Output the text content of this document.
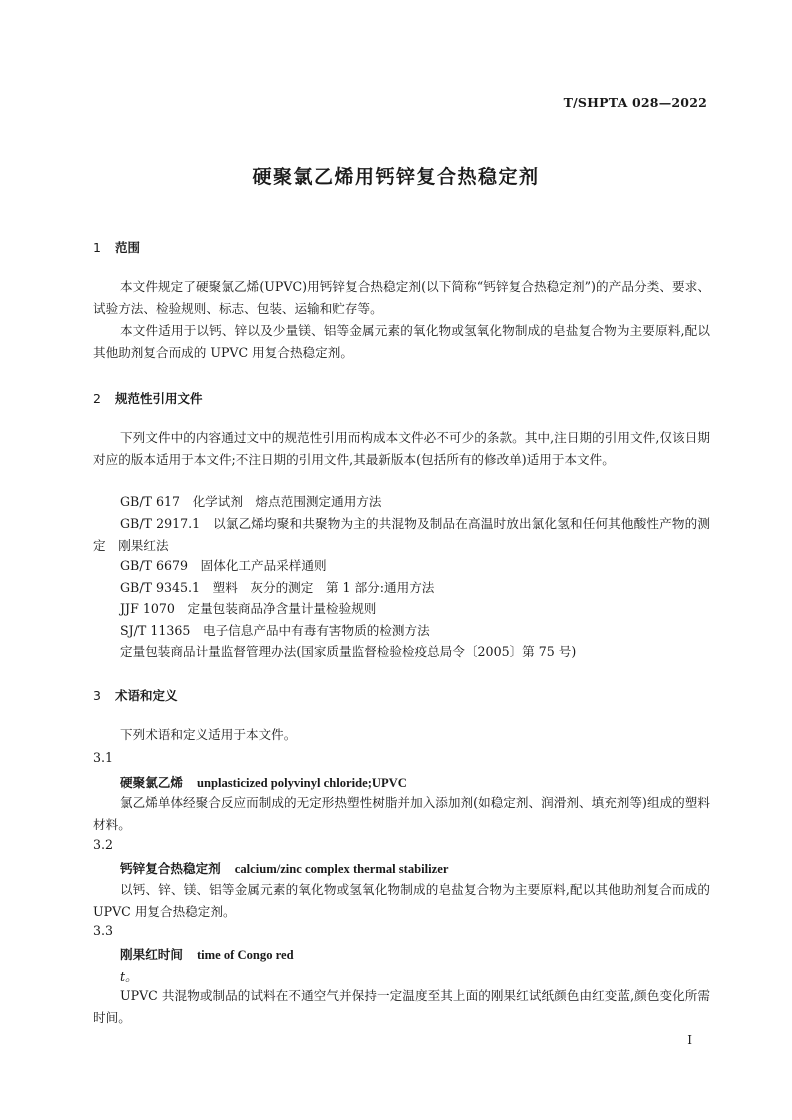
T/SHPTA 028—2022
硬聚氯乙烯用钙锌复合热稳定剂
1 范围
本文件规定了硬聚氯乙烯(UPVC)用钙锌复合热稳定剂(以下简称“钙锌复合热稳定剂”)的产品分类、要求、试验方法、检验规则、标志、包装、运输和贮存等。
本文件适用于以钙、锌以及少量镁、铝等金属元素的氧化物或氢氧化物制成的皂盐复合物为主要原料,配以其他助剂复合而成的 UPVC 用复合热稳定剂。
2 规范性引用文件
下列文件中的内容通过文中的规范性引用而构成本文件必不可少的条款。其中,注日期的引用文件,仅该日期对应的版本适用于本文件;不注日期的引用文件,其最新版本(包括所有的修改单)适用于本文件。
GB/T 617　化学试剂　熔点范围测定通用方法
GB/T 2917.1　以氯乙烯均聚和共聚物为主的共混物及制品在高温时放出氯化氢和任何其他酸性产物的测定　刚果红法
GB/T 6679　固体化工产品采样通则
GB/T 9345.1　塑料　灰分的测定　第 1 部分:通用方法
JJF 1070　定量包装商品净含量计量检验规则
SJ/T 11365　电子信息产品中有毒有害物质的检测方法
定量包装商品计量监督管理办法(国家质量监督检验检疫总局令〔2005〕第 75 号)
3 术语和定义
下列术语和定义适用于本文件。
3.1
硬聚氯乙烯 unplasticized polyvinyl chloride;UPVC
氯乙烯单体经聚合反应而制成的无定形热塑性树脂并加入添加剂(如稳定剂、润滑剂、填充剂等)组成的塑料材料。
3.2
钙锌复合热稳定剂 calcium/zinc complex thermal stabilizer
以钙、锌、镁、铝等金属元素的氧化物或氢氧化物制成的皂盐复合物为主要原料,配以其他助剂复合而成的 UPVC 用复合热稳定剂。
3.3
刚果红时间 time of Congo red
t。
UPVC 共混物或制品的试料在不通空气并保持一定温度至其上面的刚果红试纸颜色由红变蓝,颜色变化所需时间。
I
